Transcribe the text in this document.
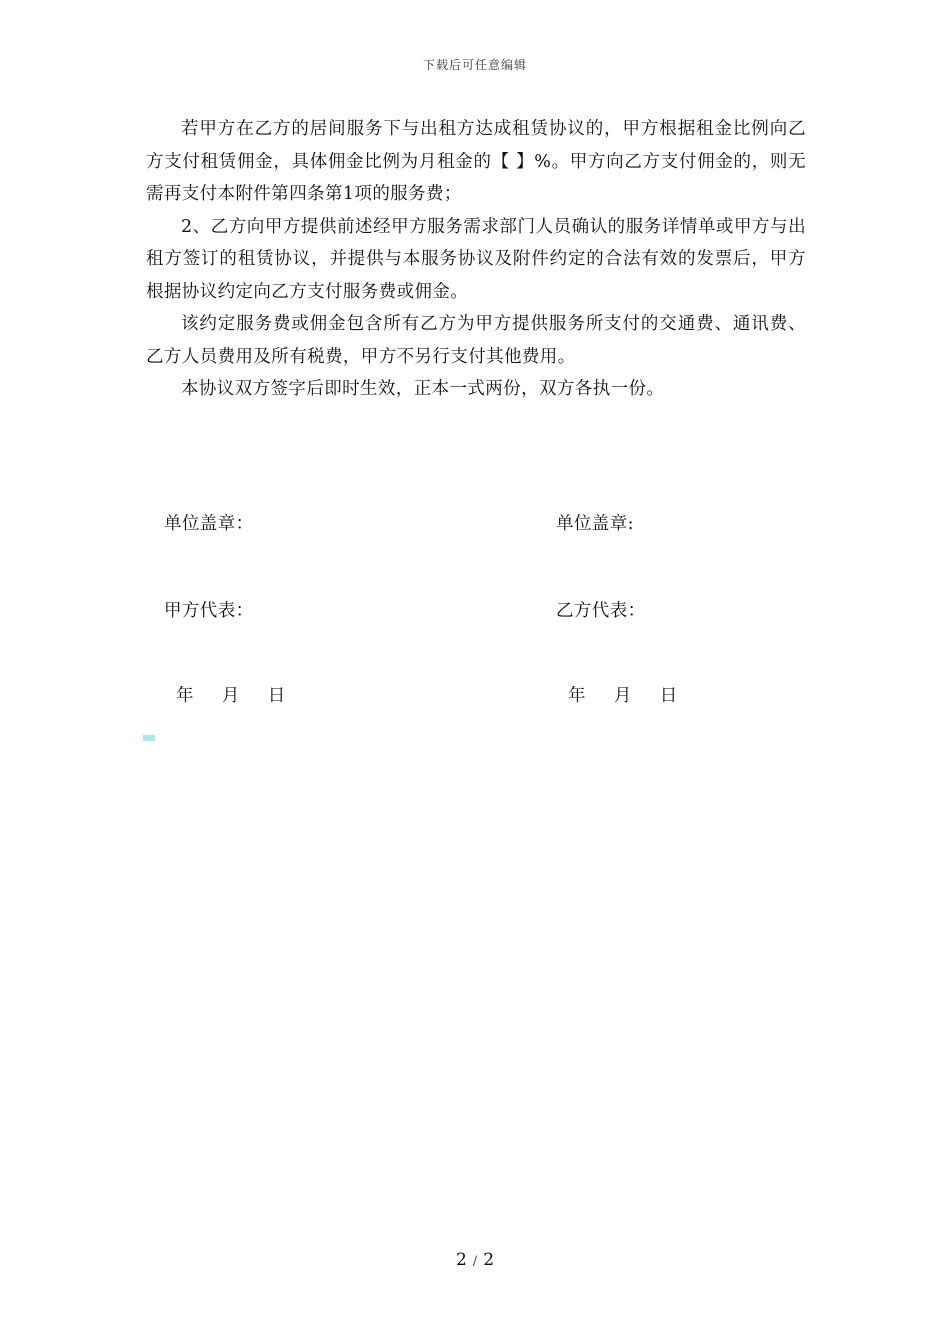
下载后可任意编辑

若甲方在乙方的居间服务下与出租方达成租赁协议的，甲方根据租金比例向乙方支付租赁佣金，具体佣金比例为月租金的【 】%。甲方向乙方支付佣金的，则无需再支付本附件第四条第1项的服务费；

2、乙方向甲方提供前述经甲方服务需求部门人员确认的服务详情单或甲方与出租方签订的租赁协议，并提供与本服务协议及附件约定的合法有效的发票后，甲方根据协议约定向乙方支付服务费或佣金。

该约定服务费或佣金包含所有乙方为甲方提供服务所支付的交通费、通讯费、乙方人员费用及所有税费，甲方不另行支付其他费用。

本协议双方签字后即时生效，正本一式两份，双方各执一份。

单位盖章：	单位盖章:
甲方代表：	乙方代表：

年 月 日	年 月 日

2 / 2
